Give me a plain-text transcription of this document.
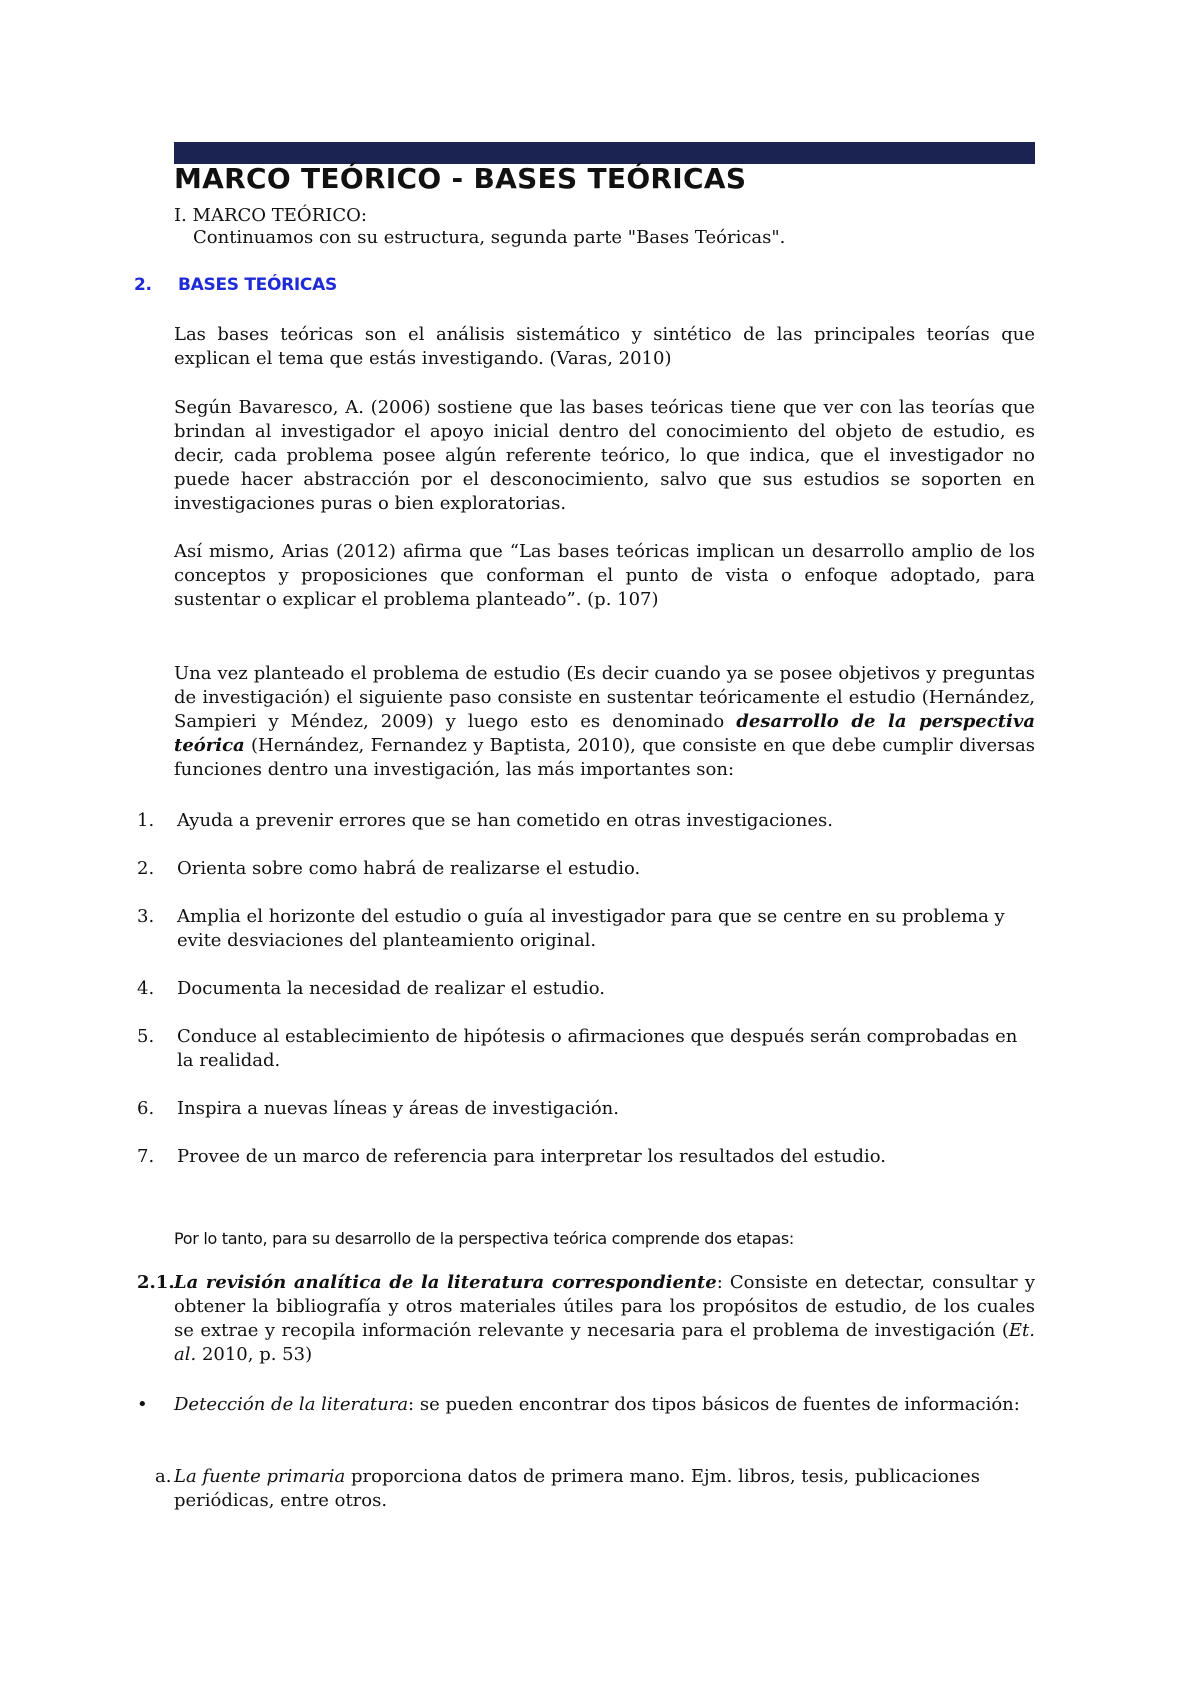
MARCO TEÓRICO - BASES TEÓRICAS
I. MARCO TEÓRICO:
Continuamos con su estructura, segunda parte "Bases Teóricas".
2. BASES TEÓRICAS

Las bases teóricas son el análisis sistemático y sintético de las principales teorías que explican el tema que estás investigando. (Varas, 2010)

Según Bavaresco, A. (2006) sostiene que las bases teóricas tiene que ver con las teorías que brindan al investigador el apoyo inicial dentro del conocimiento del objeto de estudio, es decir, cada problema posee algún referente teórico, lo que indica, que el investigador no puede hacer abstracción por el desconocimiento, salvo que sus estudios se soporten en investigaciones puras o bien exploratorias.

Así mismo, Arias (2012) afirma que “Las bases teóricas implican un desarrollo amplio de los conceptos y proposiciones que conforman el punto de vista o enfoque adoptado, para sustentar o explicar el problema planteado”. (p. 107)

Una vez planteado el problema de estudio (Es decir cuando ya se posee objetivos y preguntas de investigación) el siguiente paso consiste en sustentar teóricamente el estudio (Hernández, Sampieri y Méndez, 2009) y luego esto es denominado desarrollo de la perspectiva teórica (Hernández, Fernandez y Baptista, 2010), que consiste en que debe cumplir diversas funciones dentro una investigación, las más importantes son:

1. Ayuda a prevenir errores que se han cometido en otras investigaciones.
2. Orienta sobre como habrá de realizarse el estudio.
3. Amplia el horizonte del estudio o guía al investigador para que se centre en su problema y evite desviaciones del planteamiento original.
4. Documenta la necesidad de realizar el estudio.
5. Conduce al establecimiento de hipótesis o afirmaciones que después serán comprobadas en la realidad.
6. Inspira a nuevas líneas y áreas de investigación.
7. Provee de un marco de referencia para interpretar los resultados del estudio.
Por lo tanto, para su desarrollo de la perspectiva teórica comprende dos etapas:
2.1. La revisión analítica de la literatura correspondiente: Consiste en detectar, consultar y obtener la bibliografía y otros materiales útiles para los propósitos de estudio, de los cuales se extrae y recopila información relevante y necesaria para el problema de investigación (Et. al. 2010, p. 53)
• Detección de la literatura: se pueden encontrar dos tipos básicos de fuentes de información:
a. La fuente primaria proporciona datos de primera mano. Ejm. libros, tesis, publicaciones periódicas, entre otros.
